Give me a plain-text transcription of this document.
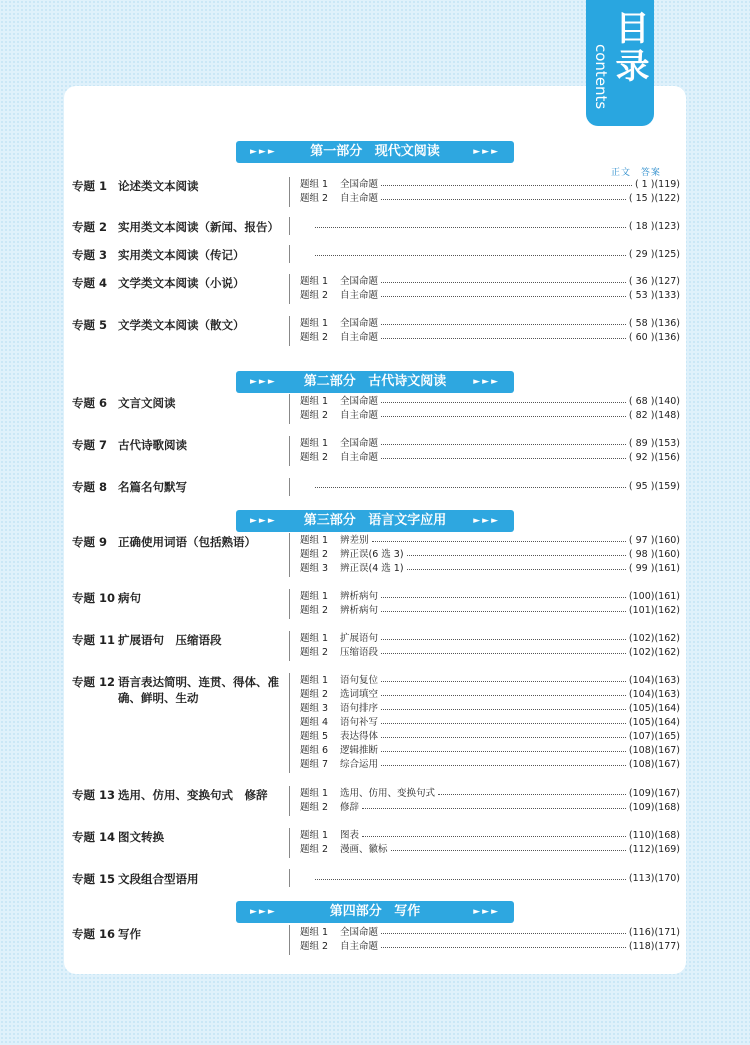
目录
contents
正文 答案
►►►	第一部分 现代文阅读	►►►
►►►	第二部分 古代诗文阅读	►►►
►►►	第三部分 语言文字应用	►►►
►►►	第四部分 写作	►►►
专题 1 论述类文本阅读	题组 1	全国命题	( 1 )(119)
题组 2	自主命题	( 15 )(122)
专题 2 实用类文本阅读（新闻、报告）	( 18 )(123)
专题 3 实用类文本阅读（传记）	( 29 )(125)
专题 4 文学类文本阅读（小说）	题组 1	全国命题	( 36 )(127)
题组 2	自主命题	( 53 )(133)
专题 5 文学类文本阅读（散文）	题组 1	全国命题	( 58 )(136)
题组 2	自主命题	( 60 )(136)
专题 6 文言文阅读	题组 1	全国命题	( 68 )(140)
题组 2	自主命题	( 82 )(148)
专题 7 古代诗歌阅读	题组 1	全国命题	( 89 )(153)
题组 2	自主命题	( 92 )(156)
专题 8 名篇名句默写	( 95 )(159)
专题 9 正确使用词语（包括熟语）	题组 1	辨差别	( 97 )(160)
题组 2	辨正误(6 选 3)	( 98 )(160)
题组 3	辨正误(4 选 1)	( 99 )(161)
专题 10 病句	题组 1	辨析病句	(100)(161)
题组 2	辨析病句	(101)(162)
专题 11 扩展语句　压缩语段	题组 1	扩展语句	(102)(162)
题组 2	压缩语段	(102)(162)
专题 12 语言表达简明、连贯、得体、准确、鲜明、生动
题组 1	语句复位	(104)(163)
题组 2	选词填空	(104)(163)
题组 3	语句排序	(105)(164)
题组 4	语句补写	(105)(164)
题组 5	表达得体	(107)(165)
题组 6	逻辑推断	(108)(167)
题组 7	综合运用	(108)(167)
专题 13 选用、仿用、变换句式　修辞	题组 1	选用、仿用、变换句式	(109)(167)
题组 2	修辞	(109)(168)
专题 14 图文转换	题组 1	图表	(110)(168)
题组 2	漫画、徽标	(112)(169)
专题 15 文段组合型语用	(113)(170)
专题 16 写作	题组 1	全国命题	(116)(171)
题组 2	自主命题	(118)(177)
